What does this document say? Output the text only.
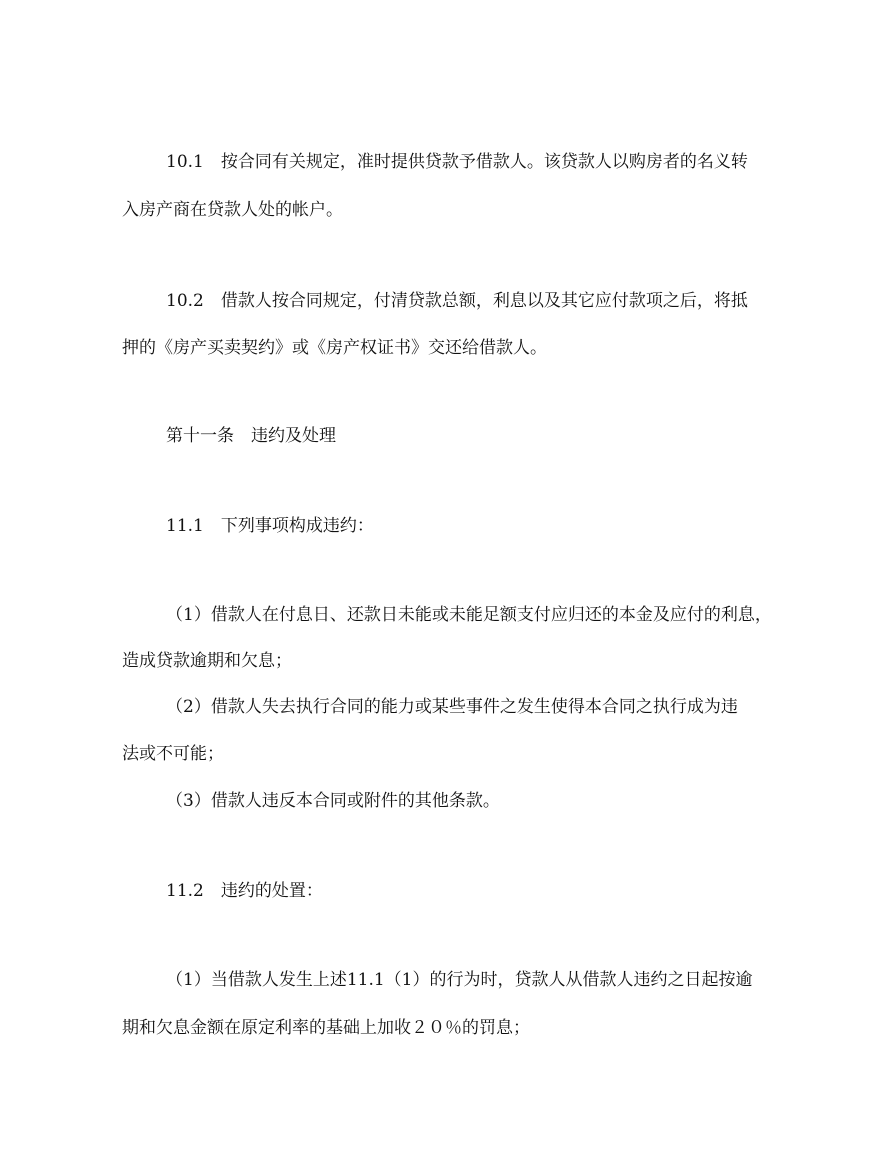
10.1　按合同有关规定，准时提供贷款予借款人。该贷款人以购房者的名义转
入房产商在贷款人处的帐户。
10.2　借款人按合同规定，付清贷款总额，利息以及其它应付款项之后，将抵
押的《房产买卖契约》或《房产权证书》交还给借款人。
第十一条　违约及处理
11.1　下列事项构成违约：
（1）借款人在付息日、还款日未能或未能足额支付应归还的本金及应付的利息，
造成贷款逾期和欠息；
（2）借款人失去执行合同的能力或某些事件之发生使得本合同之执行成为违
法或不可能；
（3）借款人违反本合同或附件的其他条款。
11.2　违约的处置：
（1）当借款人发生上述11.1（1）的行为时，贷款人从借款人违约之日起按逾
期和欠息金额在原定利率的基础上加收２０％的罚息；
